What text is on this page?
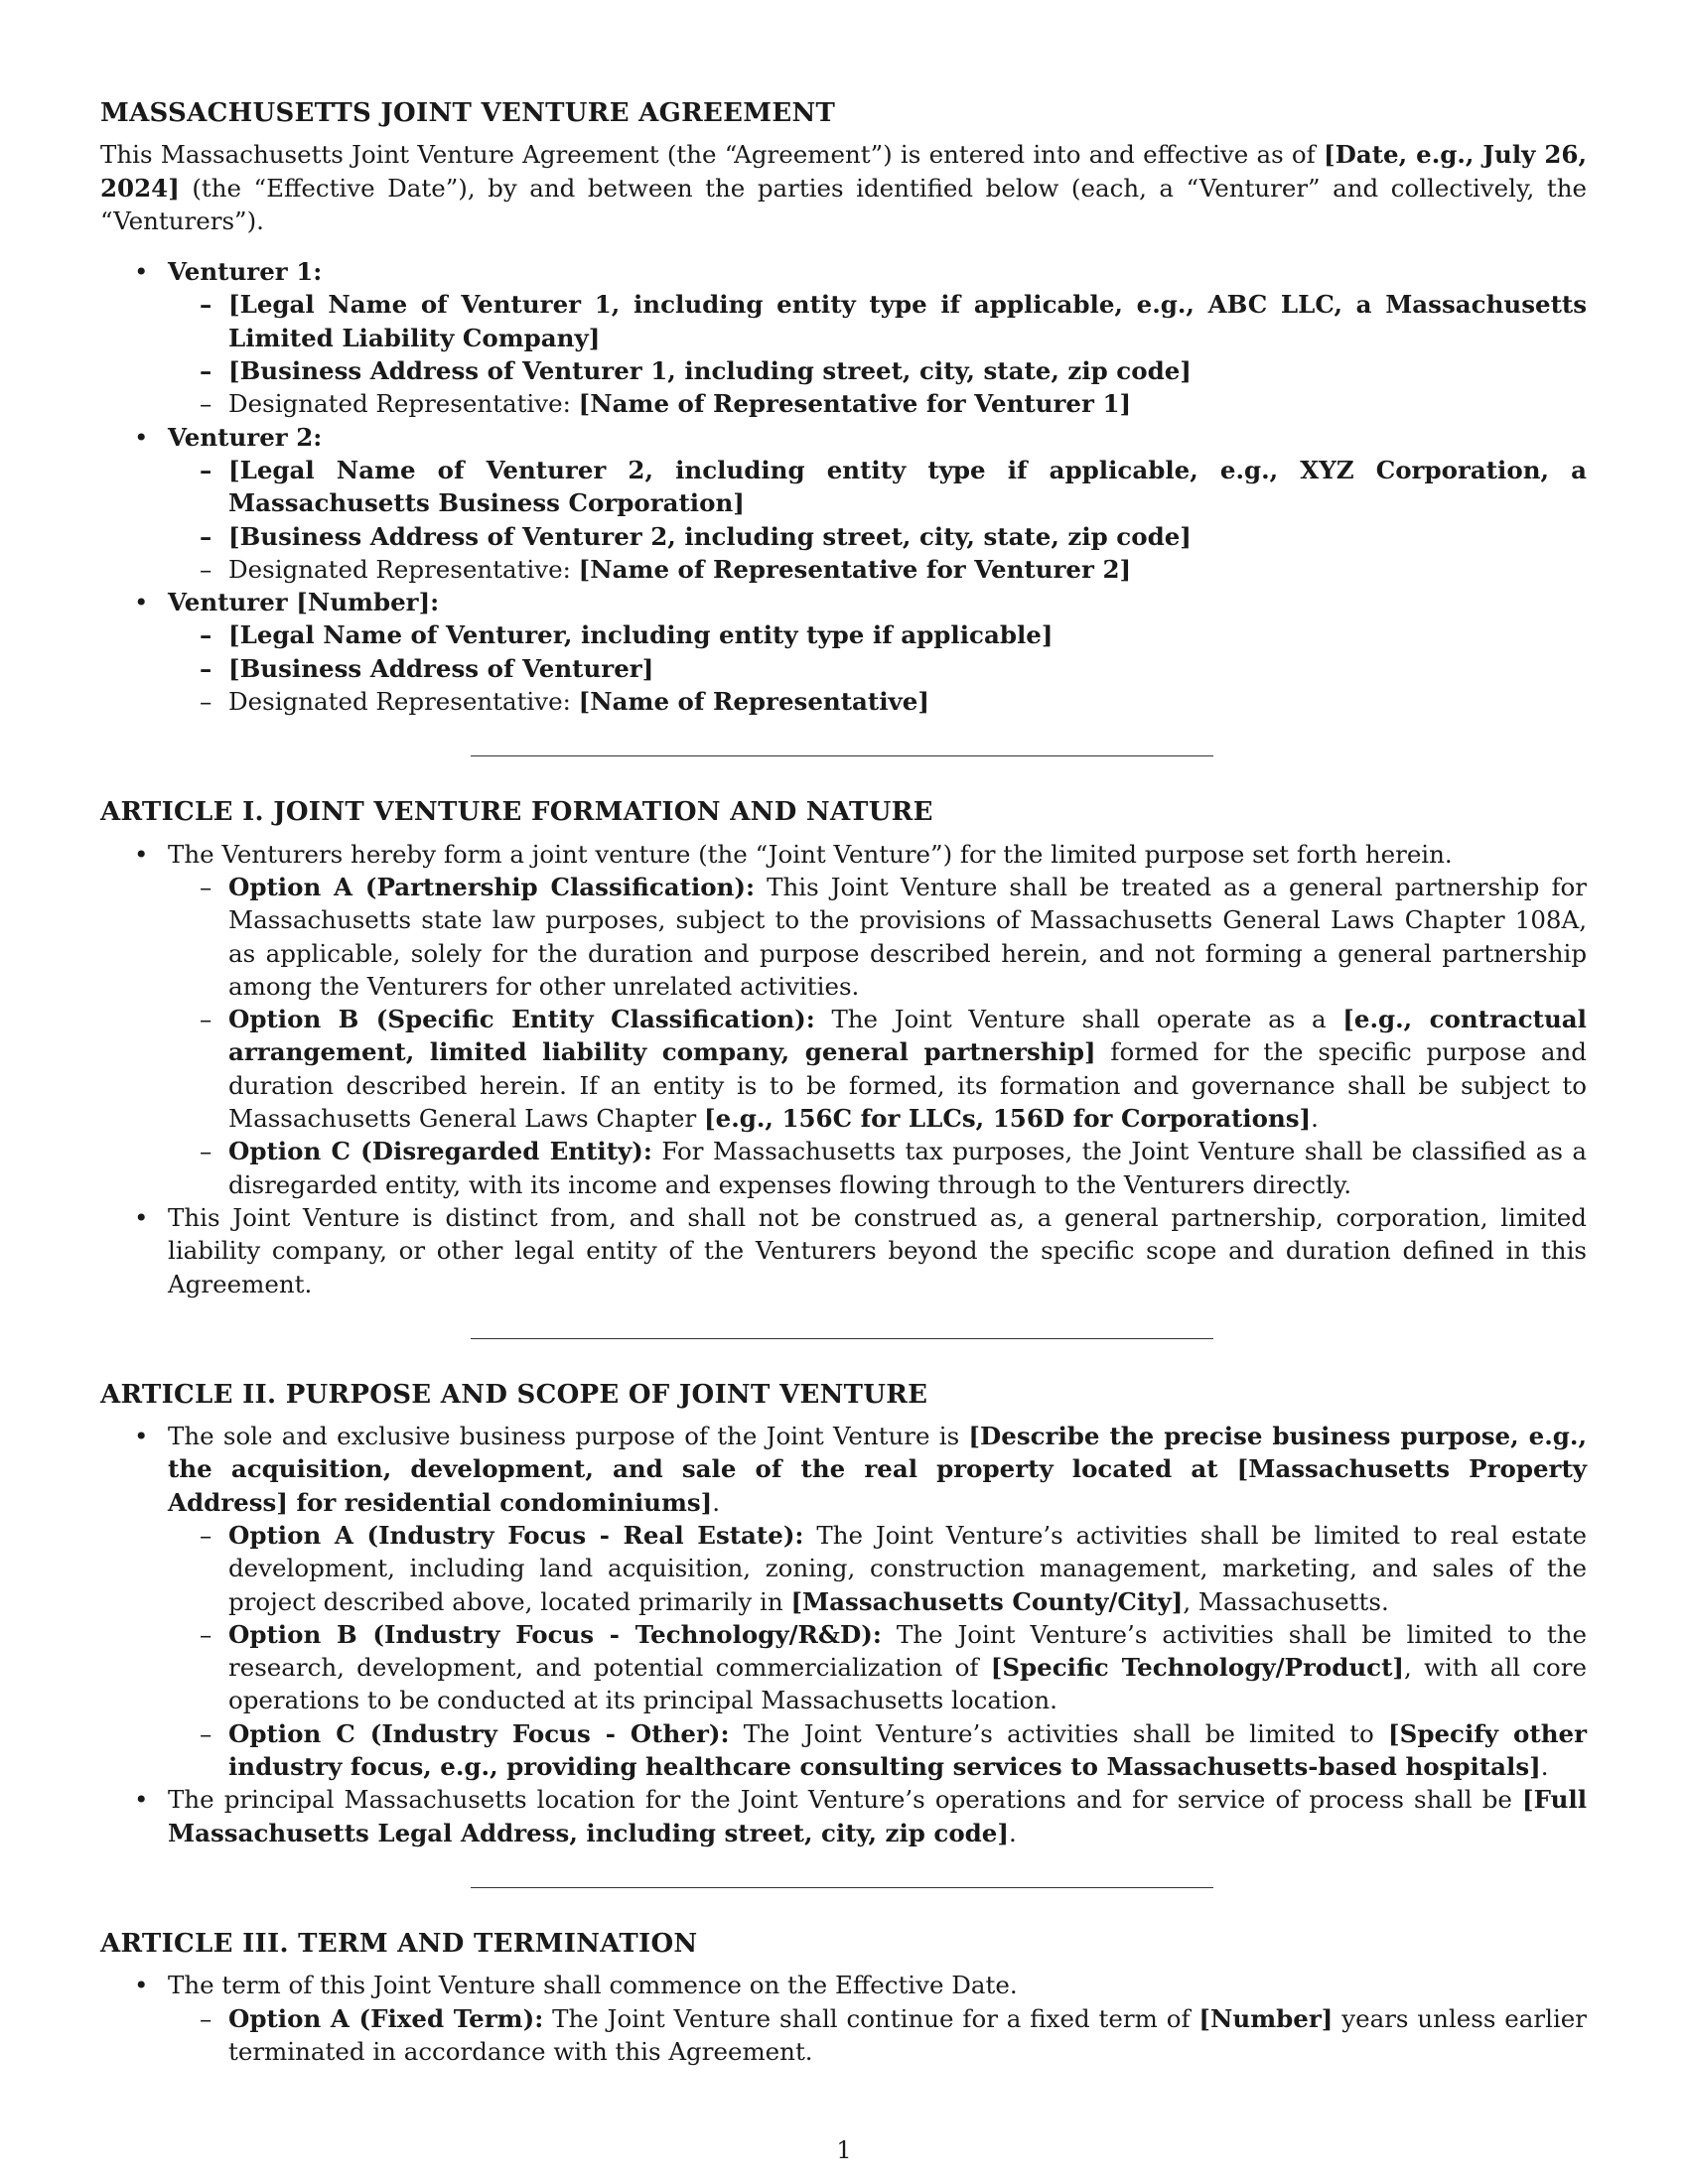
MASSACHUSETTS JOINT VENTURE AGREEMENT

This Massachusetts Joint Venture Agreement (the “Agreement”) is entered into and effective as of [Date, e.g., July 26, 2024] (the “Effective Date”), by and between the parties identified below (each, a “Venturer” and collectively, the “Venturers”).

• Venturer 1:
– [Legal Name of Venturer 1, including entity type if applicable, e.g., ABC LLC, a Massachusetts Limited Liability Company]
– [Business Address of Venturer 1, including street, city, state, zip code]
– Designated Representative: [Name of Representative for Venturer 1]
• Venturer 2:
– [Legal Name of Venturer 2, including entity type if applicable, e.g., XYZ Corporation, a Massachusetts Business Corporation]
– [Business Address of Venturer 2, including street, city, state, zip code]
– Designated Representative: [Name of Representative for Venturer 2]
• Venturer [Number]:
– [Legal Name of Venturer, including entity type if applicable]
– [Business Address of Venturer]
– Designated Representative: [Name of Representative]
ARTICLE I. JOINT VENTURE FORMATION AND NATURE
• The Venturers hereby form a joint venture (the “Joint Venture”) for the limited purpose set forth herein.
– Option A (Partnership Classification): This Joint Venture shall be treated as a general partnership for Massachusetts state law purposes, subject to the provisions of Massachusetts General Laws Chapter 108A, as applicable, solely for the duration and purpose described herein, and not forming a general partnership among the Venturers for other unrelated activities.
– Option B (Specific Entity Classification): The Joint Venture shall operate as a [e.g., contractual arrangement, limited liability company, general partnership] formed for the specific purpose and duration described herein. If an entity is to be formed, its formation and governance shall be subject to Massachusetts General Laws Chapter [e.g., 156C for LLCs, 156D for Corporations].
– Option C (Disregarded Entity): For Massachusetts tax purposes, the Joint Venture shall be classified as a disregarded entity, with its income and expenses flowing through to the Venturers directly.
• This Joint Venture is distinct from, and shall not be construed as, a general partnership, corporation, limited liability company, or other legal entity of the Venturers beyond the specific scope and duration defined in this Agreement.
ARTICLE II. PURPOSE AND SCOPE OF JOINT VENTURE
• The sole and exclusive business purpose of the Joint Venture is [Describe the precise business purpose, e.g., the acquisition, development, and sale of the real property located at [Massachusetts Property Address] for residential condominiums].
– Option A (Industry Focus - Real Estate): The Joint Venture’s activities shall be limited to real estate development, including land acquisition, zoning, construction management, marketing, and sales of the project described above, located primarily in [Massachusetts County/City], Massachusetts.
– Option B (Industry Focus - Technology/R&D): The Joint Venture’s activities shall be limited to the research, development, and potential commercialization of [Specific Technology/Product], with all core operations to be conducted at its principal Massachusetts location.
– Option C (Industry Focus - Other): The Joint Venture’s activities shall be limited to [Specify other industry focus, e.g., providing healthcare consulting services to Massachusetts-based hospitals].
• The principal Massachusetts location for the Joint Venture’s operations and for service of process shall be [Full Massachusetts Legal Address, including street, city, zip code].
ARTICLE III. TERM AND TERMINATION
• The term of this Joint Venture shall commence on the Effective Date.
– Option A (Fixed Term): The Joint Venture shall continue for a fixed term of [Number] years unless earlier terminated in accordance with this Agreement.
1
